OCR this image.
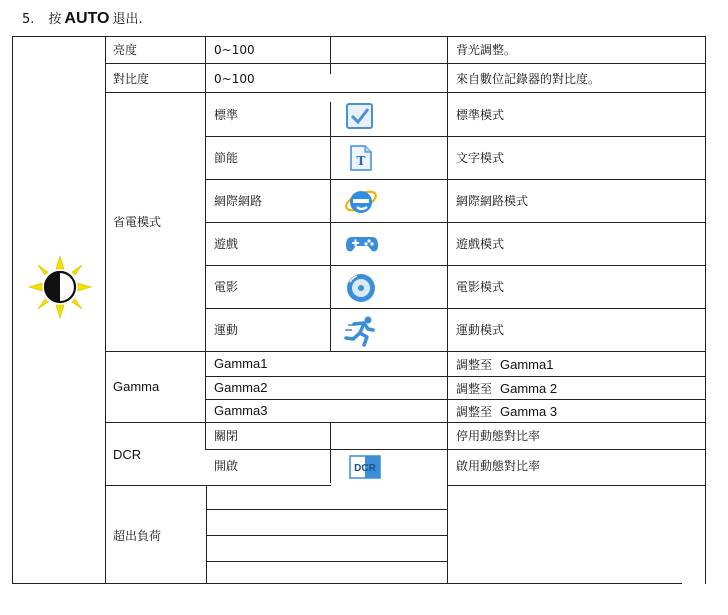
5. 按 AUTO 退出.
亮度	0~100	背光調整。
對比度	0~100	來自數位記錄器的對比度。
省電模式
標準	標準模式
節能	文字模式
T
網際網路	網際網路模式
遊戲	遊戲模式
電影	電影模式
運動	運動模式
Gamma
Gamma1	調整至 Gamma1
Gamma2	調整至 Gamma 2
Gamma3	調整至 Gamma 3
DCR
關閉	停用動態對比率
開啟	啟用動態對比率
DCR
超出負荷
